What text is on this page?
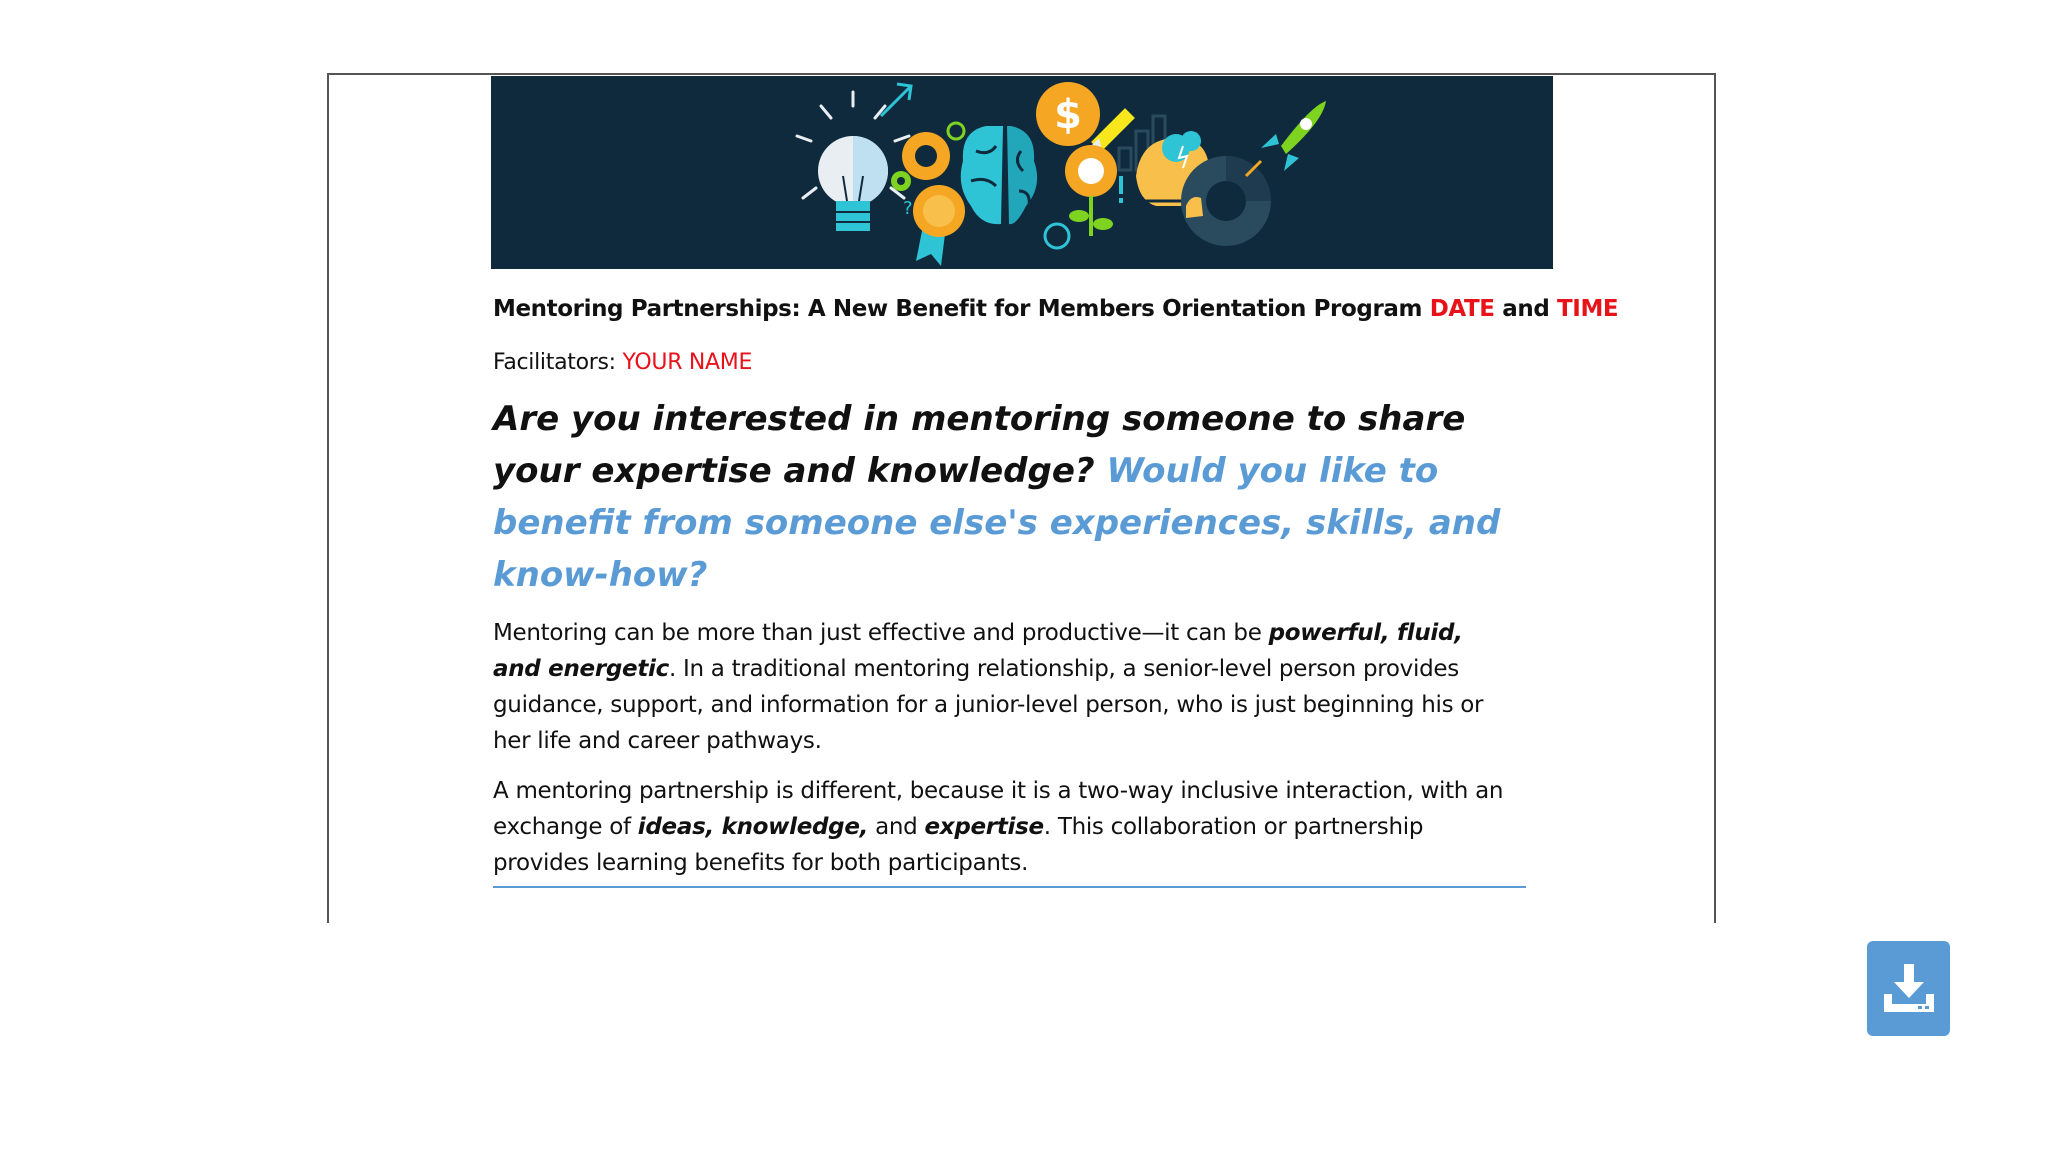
?
$

Mentoring Partnerships: A New Benefit for Members Orientation Program DATE and TIME

Facilitators: YOUR NAME

Are you interested in mentoring someone to share your expertise and knowledge? Would you like to benefit from someone else's experiences, skills, and know-how?

Mentoring can be more than just effective and productive—it can be powerful, fluid, and energetic. In a traditional mentoring relationship, a senior-level person provides guidance, support, and information for a junior-level person, who is just beginning his or her life and career pathways.

A mentoring partnership is different, because it is a two-way inclusive interaction, with an exchange of ideas, knowledge, and expertise. This collaboration or partnership provides learning benefits for both participants.
